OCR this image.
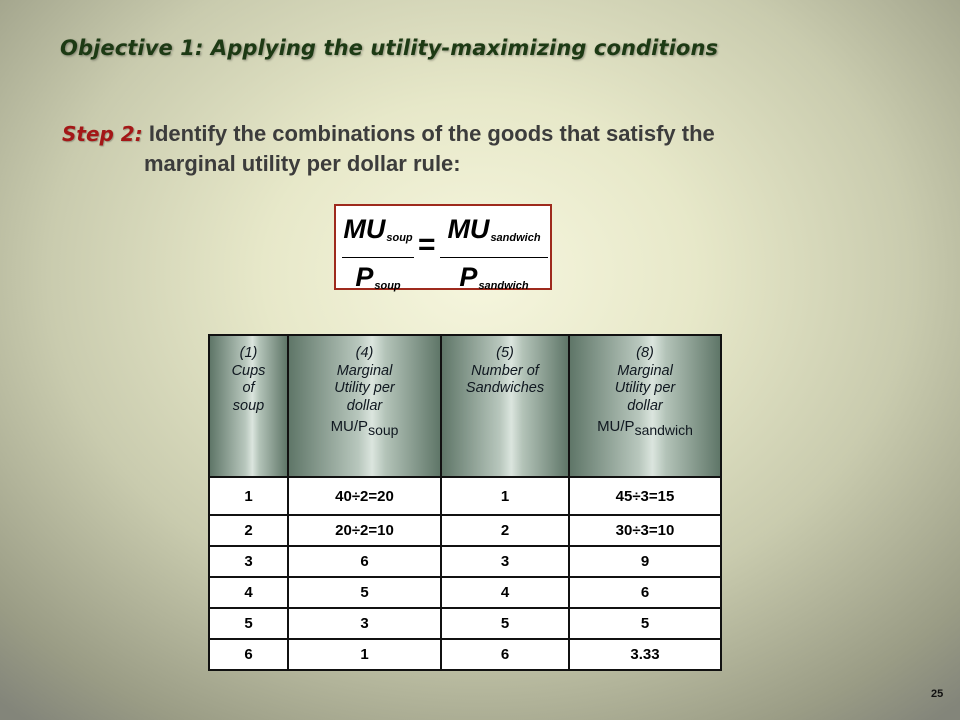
Objective 1: Applying the utility-maximizing conditions
Step 2: Identify the combinations of the goods that satisfy the
marginal utility per dollar rule:
$MU_{soup}$
$P_{soup}$
= $MU_{sandwich}$
$P_{sandwich}$
(1)
Cups
of
soup	(4)
Marginal
Utility per
dollar
$MU/P_{soup}$	(5)
Number of
Sandwiches	(8)
Marginal
Utility per
dollar
$MU/P_{sandwich}$

1	40÷2=20	1	45÷3=15
2	20÷2=10	2	30÷3=10
3	6	3	9
4	5	4	6
5	3	5	5
6	1	6	3.33
25
